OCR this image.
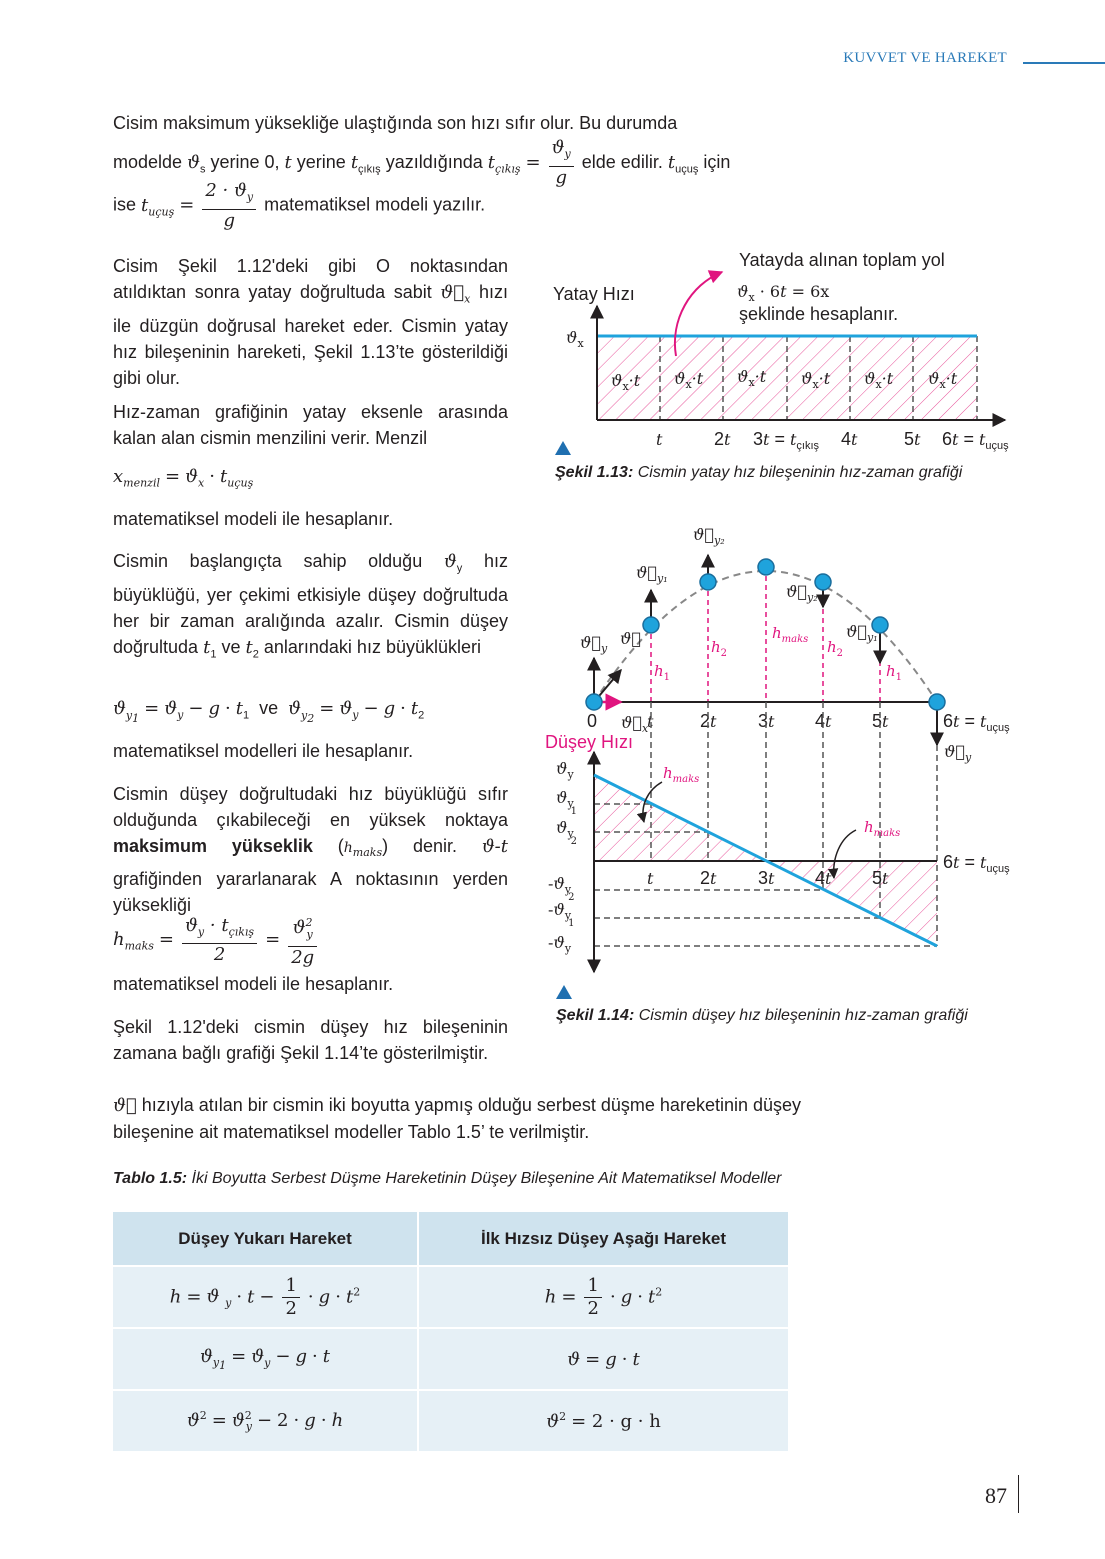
KUVVET VE HAREKET
Cisim maksimum yüksekliğe ulaştığında son hızı sıfır olur. Bu durumda
modelde $ϑ_s$ yerine 0, t yerine $t_{çıkış}$ yazıldığında $t_{çıkış} = \frac{ϑ_y}{g}$ elde edilir. $t_{uçuş}$ için
ise $t_{uçuş} = \frac{2 \cdot ϑ_y}{g}$ matematiksel modeli yazılır.
Cisim Şekil 1.12'deki gibi O noktasından atıldıktan sonra yatay doğrultuda sabit $ϑ⃗_x$ hızı ile düzgün doğrusal hareket eder. Cismin yatay hız bileşeninin hareketi, Şekil 1.13’te gösterildiği gibi olur.
Hız-zaman grafiğinin yatay eksenle arasında kalan alan cismin menzilini verir. Menzil
$x_{menzil} = ϑ_x \cdot t_{uçuş}$
matematiksel modeli ile hesaplanır.
Cismin başlangıçta sahip olduğu $ϑ_y$ hız büyüklüğü, yer çekimi etkisiyle düşey doğrultuda her bir zaman aralığında azalır. Cismin düşey doğrultuda $t_1$ ve $t_2$ anlarındaki hız büyüklükleri
$ϑ_{y_1} = ϑ_y - g \cdot t_1$ ve $ϑ_{y_2} = ϑ_y - g \cdot t_2$
matematiksel modelleri ile hesaplanır.
Cismin düşey doğrultudaki hız büyüklüğü sıfır olduğunda çıkabileceği en yüksek noktaya maksimum yükseklik $(h_{maks})$ denir. ϑ-t grafiğinden yararlanarak A noktasının yerden yüksekliği
$h_{maks} = \frac{ϑ_y \cdot t_{çıkış}}{2} = \frac{ϑ^2_y}{2g}$
matematiksel modeli ile hesaplanır.
Şekil 1.12'deki cismin düşey hız bileşeninin zamana bağlı grafiği Şekil 1.14’te gösterilmiştir.
$ϑ_x\cdot t$ $ϑ_x\cdot t$ $ϑ_x\cdot t$ $ϑ_x\cdot t$ $ϑ_x\cdot t$ $ϑ_x\cdot t$
$ϑ_x$
t	2t $3t = t_{çıkış}$ 4t	5t $6t = t_{uçuş}$
Yatay Hızı
Yatayda alınan toplam yol
$ϑ_x \cdot 6t = 6x$
şeklinde hesaplanır.
Şekil 1.13: Cismin yatay hız bileşeninin hız-zaman grafiği
$h_1$
$h_2$
$h_{maks}$ $h_2$
$h_1$
$ϑ⃗_y$
ϑ⃗
$ϑ⃗_x$
$ϑ⃗_{y_1}$
$ϑ⃗_{y_2}$
$ϑ⃗_{y_2}$
$ϑ⃗_{y_1}$
$ϑ⃗_y$
0	t	2t 3t 4t 5t	$6t = t_{uçuş}$
Düşey Hızı
$h_{maks}$
$h_{maks}$
$ϑ_y$
$ϑ_y$ 1
$ϑ_y$ 2
$-ϑ_y$ 2
$-ϑ_y$ 1
$-ϑ_y$
t	2t 3t 4t 5t
$6t = t_{uçuş}$
Şekil 1.14: Cismin düşey hız bileşeninin hız-zaman grafiği
ϑ⃗ hızıyla atılan bir cismin iki boyutta yapmış olduğu serbest düşme hareketinin düşey bileşenine ait matematiksel modeller Tablo 1.5’ te verilmiştir.
Tablo 1.5: İki Boyutta Serbest Düşme Hareketinin Düşey Bileşenine Ait Matematiksel Modeller
Düşey Yukarı Hareket	İlk Hızsız Düşey Aşağı Hareket
h = ϑ $_y \cdot t - \frac{1}{2} \cdot g \cdot t^2$	$h = \frac{1}{2} \cdot g \cdot t^2$
$ϑ_{y_1} = ϑ_y - g \cdot t$	ϑ = g · t
$ϑ^2 = ϑ^2_y - 2 \cdot g \cdot h$	$ϑ^2 = 2 \cdot g \cdot h$
87
